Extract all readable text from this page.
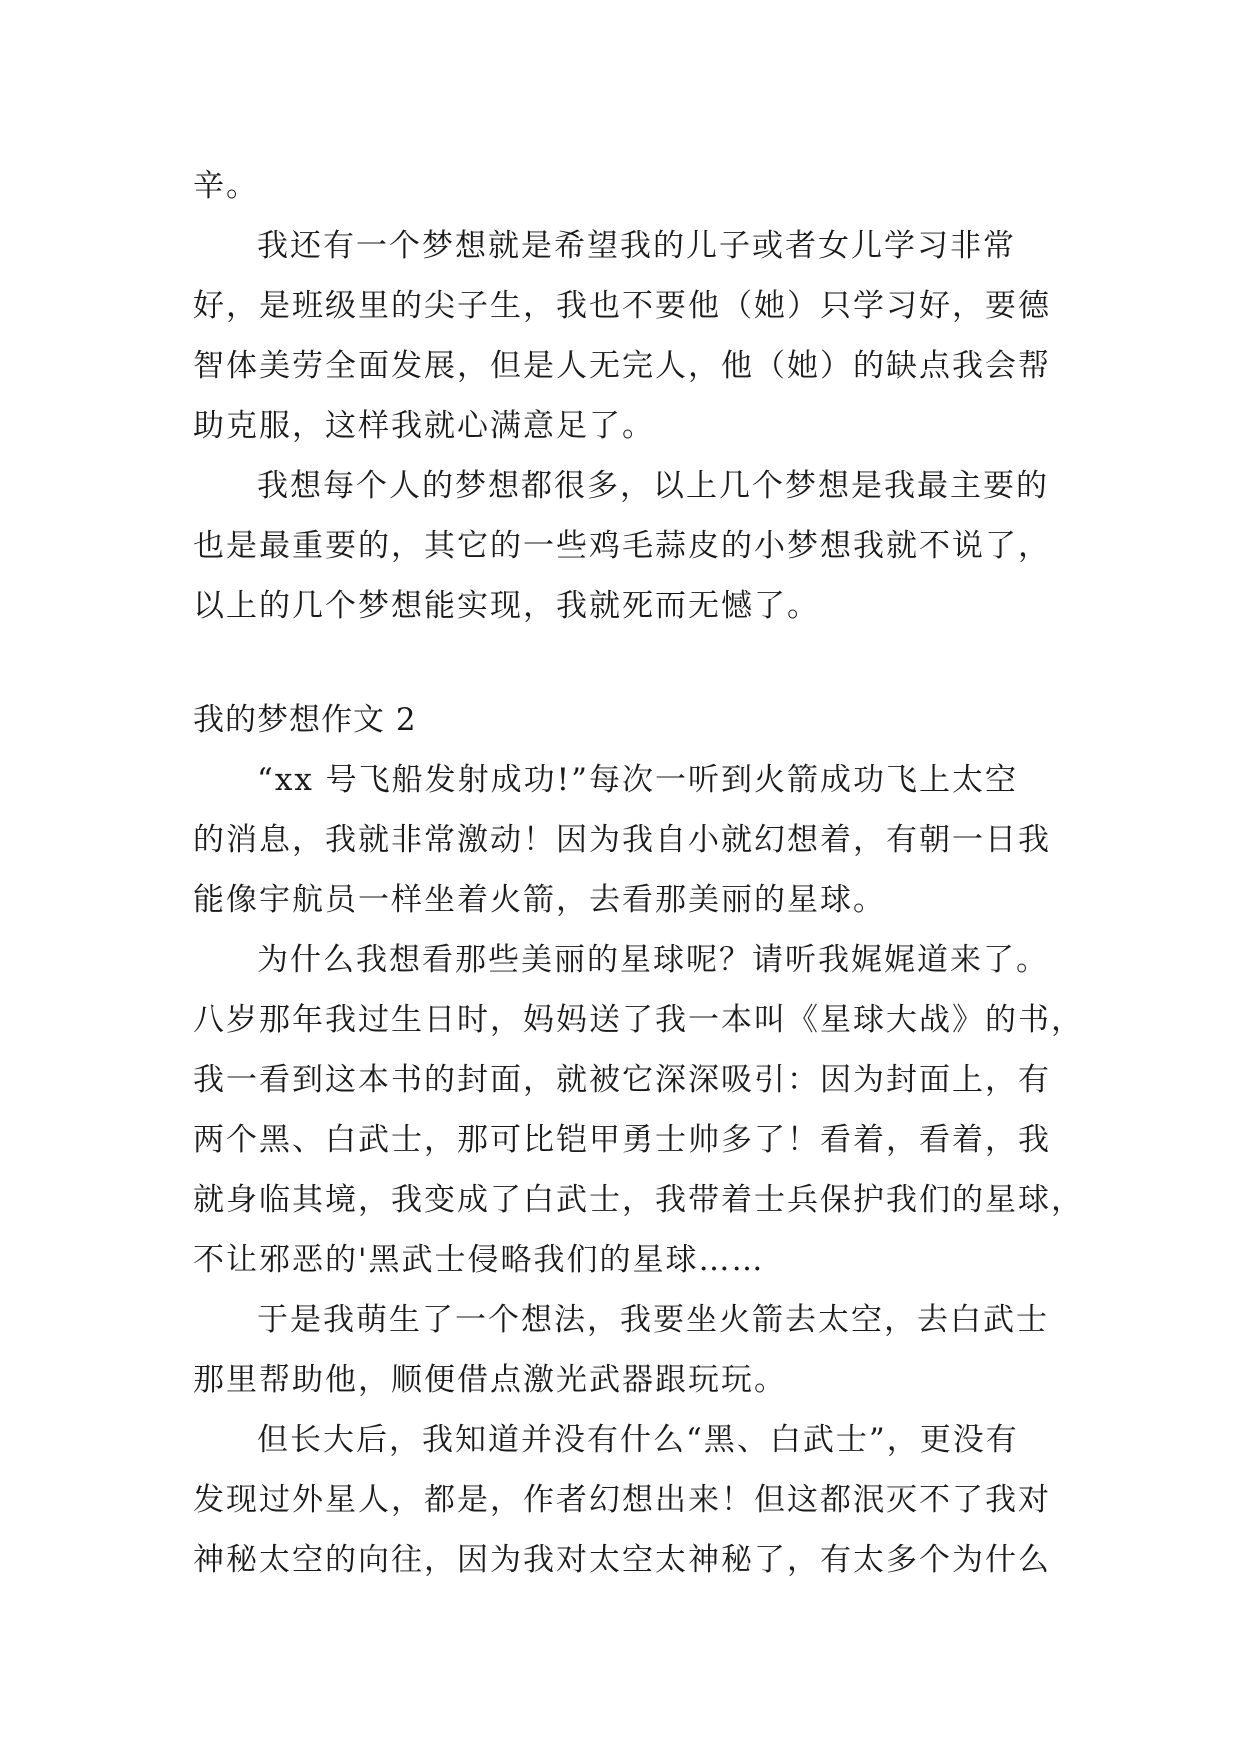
辛。
我还有一个梦想就是希望我的儿子或者女儿学习非常
好，是班级里的尖子生，我也不要他（她）只学习好，要德
智体美劳全面发展，但是人无完人，他（她）的缺点我会帮
助克服，这样我就心满意足了。
我想每个人的梦想都很多，以上几个梦想是我最主要的
也是最重要的，其它的一些鸡毛蒜皮的小梦想我就不说了，
以上的几个梦想能实现，我就死而无憾了。
我的梦想作文 2
“xx 号飞船发射成功!”每次一听到火箭成功飞上太空
的消息，我就非常激动！因为我自小就幻想着，有朝一日我
能像宇航员一样坐着火箭，去看那美丽的星球。
为什么我想看那些美丽的星球呢？请听我娓娓道来了。
八岁那年我过生日时，妈妈送了我一本叫《星球大战》的书，
我一看到这本书的封面，就被它深深吸引：因为封面上，有
两个黑、白武士，那可比铠甲勇士帅多了！看着，看着，我
就身临其境，我变成了白武士，我带着士兵保护我们的星球，
不让邪恶的'黑武士侵略我们的星球……
于是我萌生了一个想法，我要坐火箭去太空，去白武士
那里帮助他，顺便借点激光武器跟玩玩。
但长大后，我知道并没有什么“黑、白武士”，更没有
发现过外星人，都是，作者幻想出来！但这都泯灭不了我对
神秘太空的向往，因为我对太空太神秘了，有太多个为什么
